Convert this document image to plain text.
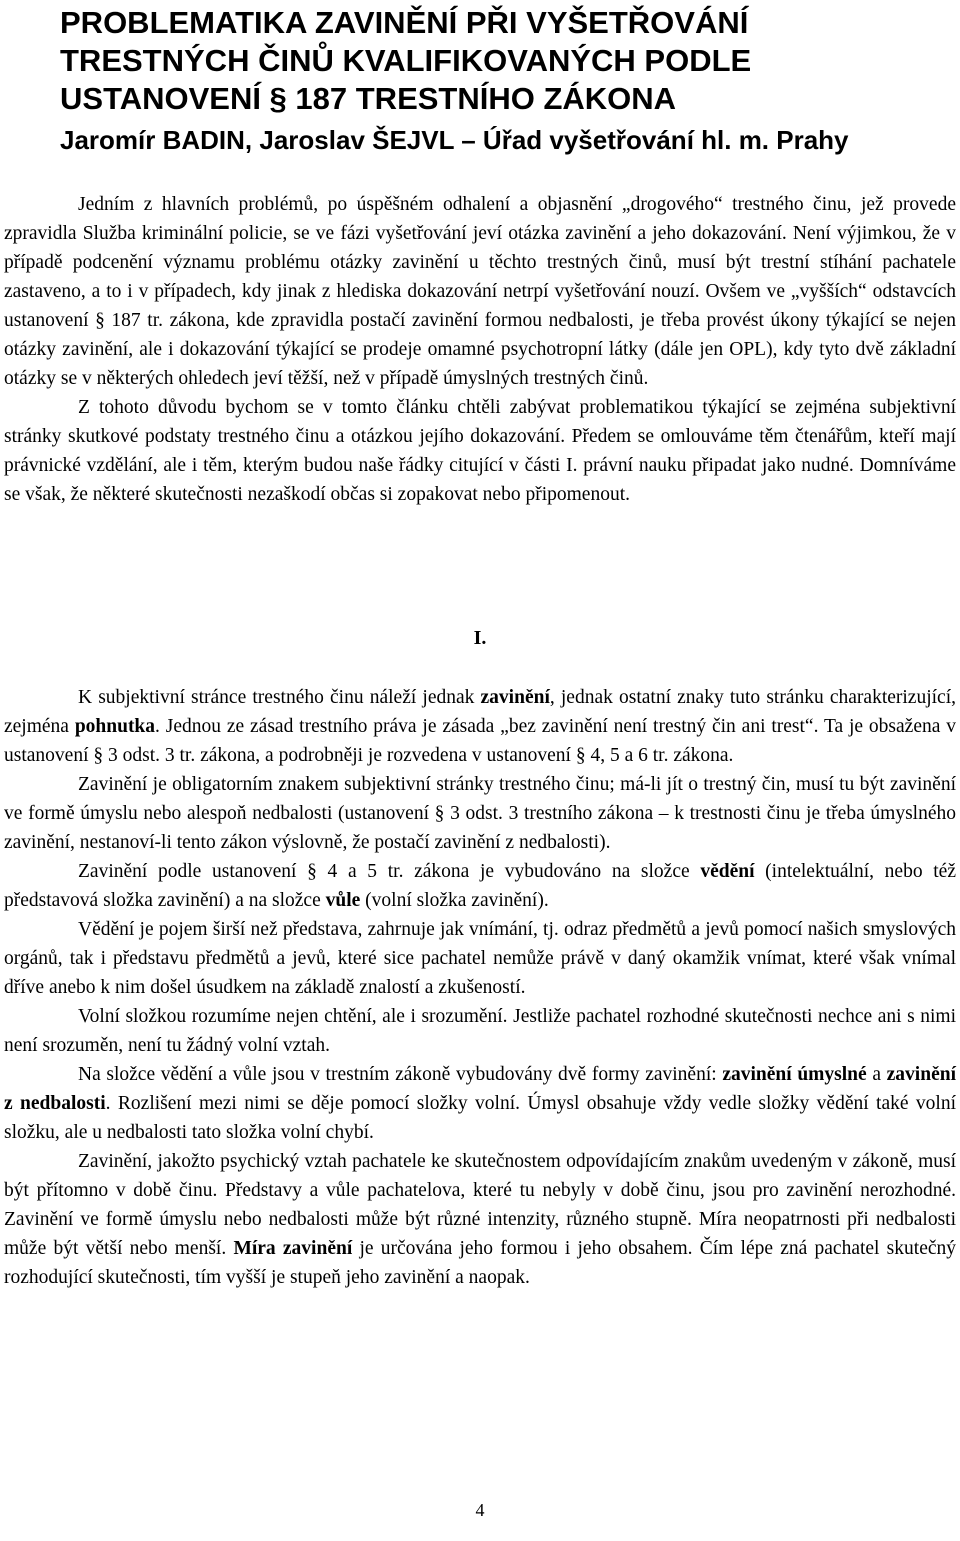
PROBLEMATIKA ZAVINĚNÍ PŘI VYŠETŘOVÁNÍ
TRESTNÝCH ČINŮ KVALIFIKOVANÝCH PODLE
USTANOVENÍ § 187 TRESTNÍHO ZÁKONA
Jaromír BADIN, Jaroslav ŠEJVL – Úřad vyšetřování hl. m. Prahy

Jedním z hlavních problémů, po úspěšném odhalení a objasnění „drogového“ trestného činu, jež provede zpravidla Služba kriminální policie, se ve fázi vyšetřování jeví otázka zavinění a jeho dokazování. Není výjimkou, že v případě podcenění významu problému otázky zavinění u těchto trestných činů, musí být trestní stíhání pachatele zastaveno, a to i v případech, kdy jinak z hlediska dokazování netrpí vyšetřování nouzí. Ovšem ve „vyšších“ odstavcích ustanovení § 187 tr. zákona, kde zpravidla postačí zavinění formou nedbalosti, je třeba provést úkony týkající se nejen otázky zavinění, ale i dokazování týkající se prodeje omamné psychotropní látky (dále jen OPL), kdy tyto dvě základní otázky se v některých ohledech jeví těžší, než v případě úmyslných trestných činů.

Z tohoto důvodu bychom se v tomto článku chtěli zabývat problematikou týkající se zejména subjektivní stránky skutkové podstaty trestného činu a otázkou jejího dokazování. Předem se omlouváme těm čtenářům, kteří mají právnické vzdělání, ale i těm, kterým budou naše řádky citující v části I. právní nauku připadat jako nudné. Domníváme se však, že některé skutečnosti nezaškodí občas si zopakovat nebo připomenout.

I.

K subjektivní stránce trestného činu náleží jednak zavinění, jednak ostatní znaky tuto stránku charakterizující, zejména pohnutka. Jednou ze zásad trestního práva je zásada „bez zavinění není trestný čin ani trest“. Ta je obsažena v ustanovení § 3 odst. 3 tr. zákona, a podrobněji je rozvedena v ustanovení § 4, 5 a 6 tr. zákona.

Zavinění je obligatorním znakem subjektivní stránky trestného činu; má-li jít o trestný čin, musí tu být zavinění ve formě úmyslu nebo alespoň nedbalosti (ustanovení § 3 odst. 3 trestního zákona – k trestnosti činu je třeba úmyslného zavinění, nestanoví-li tento zákon výslovně, že postačí zavinění z nedbalosti).

Zavinění podle ustanovení § 4 a 5 tr. zákona je vybudováno na složce vědění (intelektuální, nebo též představová složka zavinění) a na složce vůle (volní složka zavinění).

Vědění je pojem širší než představa, zahrnuje jak vnímání, tj. odraz předmětů a jevů pomocí našich smyslových orgánů, tak i představu předmětů a jevů, které sice pachatel nemůže právě v daný okamžik vnímat, které však vnímal dříve anebo k nim došel úsudkem na základě znalostí a zkušeností.

Volní složkou rozumíme nejen chtění, ale i srozumění. Jestliže pachatel rozhodné skutečnosti nechce ani s nimi není srozuměn, není tu žádný volní vztah.

Na složce vědění a vůle jsou v trestním zákoně vybudovány dvě formy zavinění: zavinění úmyslné a zavinění z nedbalosti. Rozlišení mezi nimi se děje pomocí složky volní. Úmysl obsahuje vždy vedle složky vědění také volní složku, ale u nedbalosti tato složka volní chybí.

Zavinění, jakožto psychický vztah pachatele ke skutečnostem odpovídajícím znakům uvedeným v zákoně, musí být přítomno v době činu. Představy a vůle pachatelova, které tu nebyly v době činu, jsou pro zavinění nerozhodné. Zavinění ve formě úmyslu nebo nedbalosti může být různé intenzity, různého stupně. Míra neopatrnosti při nedbalosti může být větší nebo menší. Míra zavinění je určována jeho formou i jeho obsahem. Čím lépe zná pachatel skutečný rozhodující skutečnosti, tím vyšší je stupeň jeho zavinění a naopak.

4
